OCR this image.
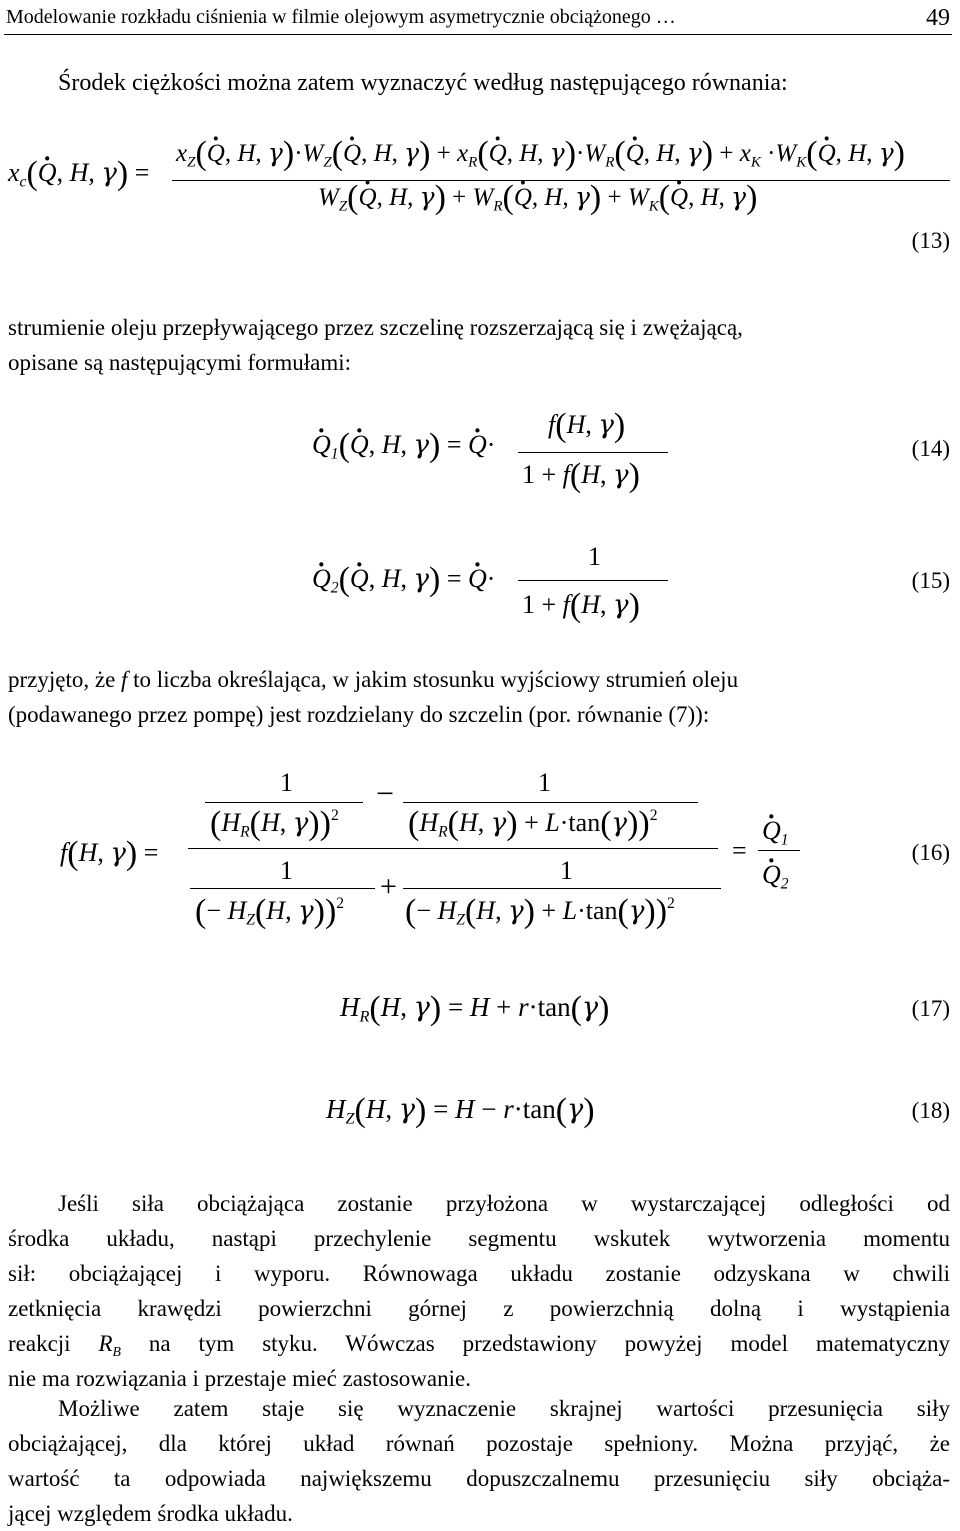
Modelowanie rozkładu ciśnienia w filmie olejowym asymetrycznie obciążonego …	49
Środek ciężkości można zatem wyznaczyć według następującego równania:
$x_c(Q$ ·, H, γ) =
$x_Z(Q$ ·, H, $\gamma)\cdot W_Z(Q$ ·, H, $\gamma) + x_R(Q$ ·, H, $\gamma)\cdot W_R(Q$ ·, H, $\gamma) + x_K \cdot W_K(Q$ ·, H, γ)
$W_Z(Q$ ·, H, $\gamma) + W_R(Q$ ·, H, $\gamma) + W_K(Q$ ·, H, γ)
(13)
strumienie oleju przepływającego przez szczelinę rozszerzającą się i zwężającą,
opisane są następującymi formułami:
$Q \cdot_1(Q$ ·, H, γ) = Q ··
f(H, γ)
1 + f(H, γ)
(14)
$Q \cdot_2(Q$ ·, H, γ) = Q ··
1
1 + f(H, γ)
(15)
przyjęto, że f to liczba określająca, w jakim stosunku wyjściowy strumień oleju
(podawanego przez pompę) jest rozdzielany do szczelin (por. równanie (7)):
f(H, γ) =
1
($H_R(H$, γ))$^2$
−	1
($H_R(H$, γ) + L·tan(γ))$^2$
1
(− $H_Z(H$, γ))$^2$
+	1
(− $H_Z(H$, γ) + L·tan(γ))$^2$
=
$Q \cdot_1$
$Q \cdot_2$
(16)
$H_R(H$, γ) = H + r·tan(γ)	(17)
$H_Z(H$, γ) = H − r·tan(γ)	(18)
Jeśli siła obciążająca zostanie przyłożona w wystarczającej odległości od
środka układu, nastąpi przechylenie segmentu wskutek wytworzenia momentu
sił: obciążającej i wyporu. Równowaga układu zostanie odzyskana w chwili
zetknięcia krawędzi powierzchni górnej z powierzchnią dolną i wystąpienia
reakcji $R_B$ na tym styku. Wówczas przedstawiony powyżej model matematyczny
nie ma rozwiązania i przestaje mieć zastosowanie.
Możliwe zatem staje się wyznaczenie skrajnej wartości przesunięcia siły
obciążającej, dla której układ równań pozostaje spełniony. Można przyjąć, że
wartość ta odpowiada największemu dopuszczalnemu przesunięciu siły obciąża-
jącej względem środka układu.
